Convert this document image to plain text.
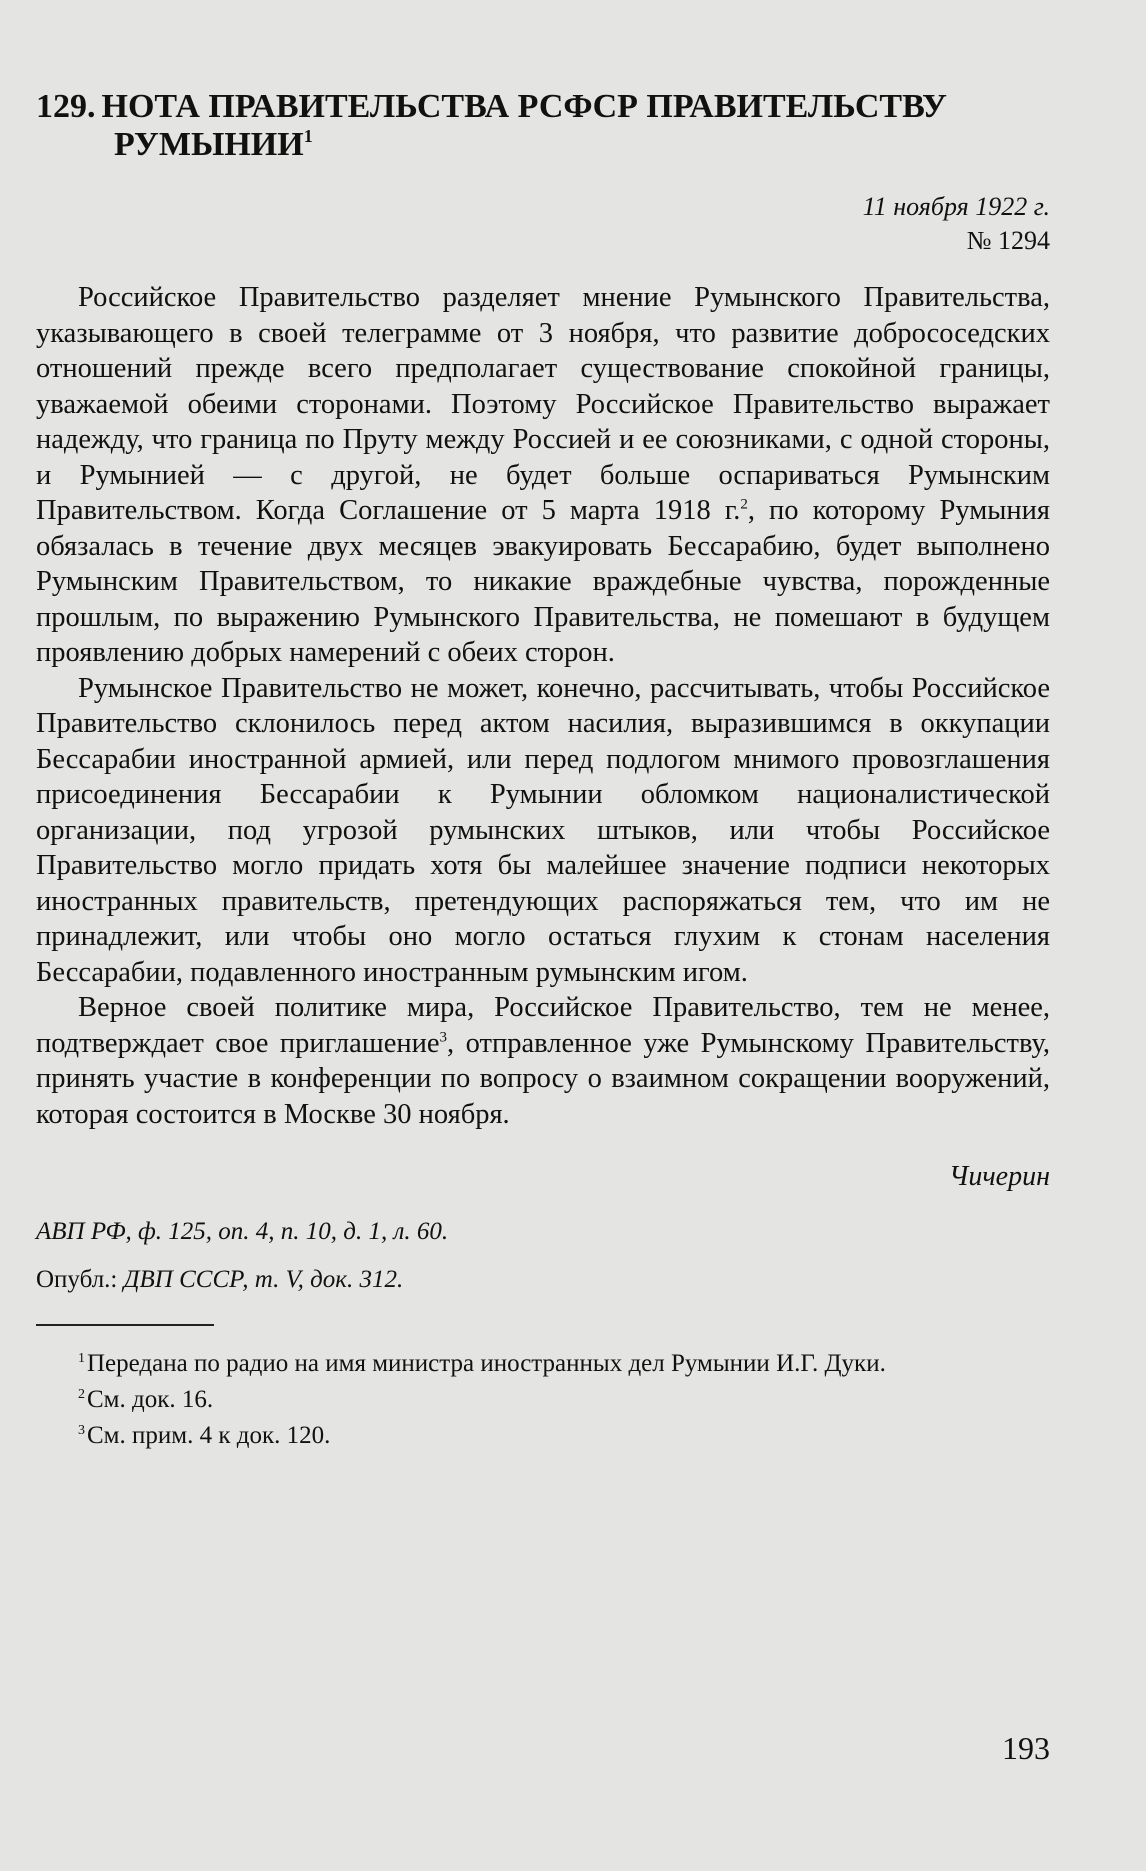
129. НОТА ПРАВИТЕЛЬСТВА РСФСР ПРАВИТЕЛЬСТВУ
РУМЫНИИ$^1$
11 ноября 1922 г.
№ 1294

Российское Правительство разделяет мнение Румынского Правительства, указывающего в своей телеграмме от 3 ноября, что развитие добрососедских отношений прежде всего предполагает существование спокойной границы, уважаемой обеими сторонами. Поэтому Российское Правительство выражает надежду, что граница по Пруту между Россией и ее союзниками, с одной стороны, и Румынией — с другой, не будет больше оспариваться Румынским Правительством. Когда Соглашение от 5 марта 1918 г.$^2$, по которому Румыния обязалась в течение двух месяцев эвакуировать Бессарабию, будет выполнено Румынским Правительством, то никакие враждебные чувства, порожденные прошлым, по выражению Румынского Правительства, не помешают в будущем проявлению добрых намерений с обеих сторон.

Румынское Правительство не может, конечно, рассчитывать, чтобы Российское Правительство склонилось перед актом насилия, выразившимся в оккупации Бессарабии иностранной армией, или перед подлогом мнимого провозглашения присоединения Бессарабии к Румынии обломком националистической организации, под угрозой румынских штыков, или чтобы Российское Правительство могло придать хотя бы малейшее значение подписи некоторых иностранных правительств, претендующих распоряжаться тем, что им не принадлежит, или чтобы оно могло остаться глухим к стонам населения Бессарабии, подавленного иностранным румынским игом.

Верное своей политике мира, Российское Правительство, тем не менее, подтверждает свое приглашение$^3$, отправленное уже Румынскому Правительству, принять участие в конференции по вопросу о взаимном сокращении вооружений, которая состоится в Москве 30 ноября.

Чичерин
АВП РФ, ф. 125, оп. 4, п. 10, д. 1, л. 60.
Опубл.: ДВП СССР, т. V, док. 312.
$^1$Передана по радио на имя министра иностранных дел Румынии И.Г. Дуки.
$^2$См. док. 16.
$^3$См. прим. 4 к док. 120.
193
